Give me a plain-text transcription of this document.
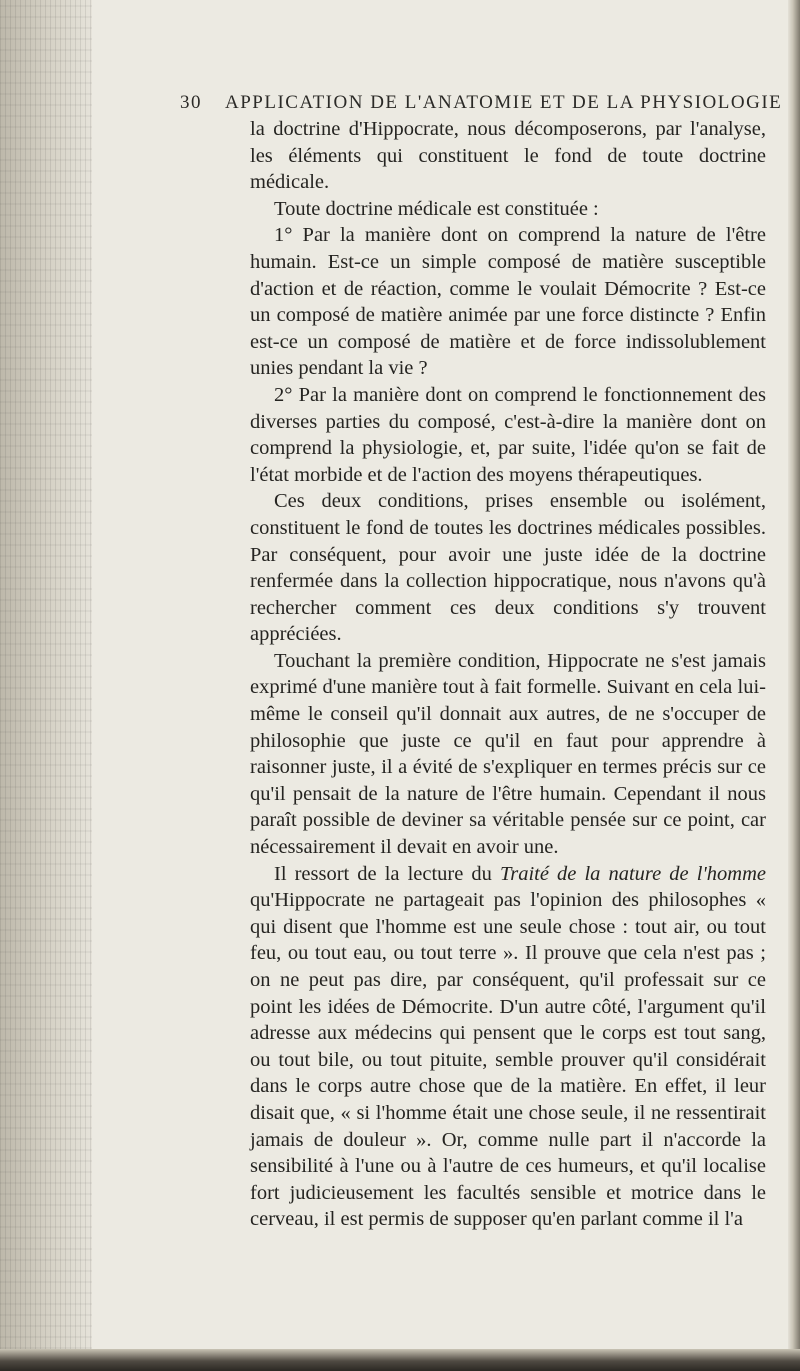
30 APPLICATION DE L'ANATOMIE ET DE LA PHYSIOLOGIE

la doctrine d'Hippocrate, nous décomposerons, par l'analyse, les éléments qui constituent le fond de toute doctrine médicale.

Toute doctrine médicale est constituée :

1° Par la manière dont on comprend la nature de l'être humain. Est-ce un simple composé de matière susceptible d'action et de réaction, comme le voulait Démocrite ? Est-ce un composé de matière animée par une force distincte ? Enfin est-ce un composé de matière et de force indissolublement unies pendant la vie ?

2° Par la manière dont on comprend le fonctionnement des diverses parties du composé, c'est-à-dire la manière dont on comprend la physiologie, et, par suite, l'idée qu'on se fait de l'état morbide et de l'action des moyens thérapeutiques.

Ces deux conditions, prises ensemble ou isolément, constituent le fond de toutes les doctrines médicales possibles. Par conséquent, pour avoir une juste idée de la doctrine renfermée dans la collection hippocratique, nous n'avons qu'à rechercher comment ces deux conditions s'y trouvent appréciées.

Touchant la première condition, Hippocrate ne s'est jamais exprimé d'une manière tout à fait formelle. Suivant en cela lui-même le conseil qu'il donnait aux autres, de ne s'occuper de philosophie que juste ce qu'il en faut pour apprendre à raisonner juste, il a évité de s'expliquer en termes précis sur ce qu'il pensait de la nature de l'être humain. Cependant il nous paraît possible de deviner sa véritable pensée sur ce point, car nécessairement il devait en avoir une.

Il ressort de la lecture du Traité de la nature de l'homme qu'Hippocrate ne partageait pas l'opinion des philosophes « qui disent que l'homme est une seule chose : tout air, ou tout feu, ou tout eau, ou tout terre ». Il prouve que cela n'est pas ; on ne peut pas dire, par conséquent, qu'il professait sur ce point les idées de Démocrite. D'un autre côté, l'argument qu'il adresse aux médecins qui pensent que le corps est tout sang, ou tout bile, ou tout pituite, semble prouver qu'il considérait dans le corps autre chose que de la matière. En effet, il leur disait que, « si l'homme était une chose seule, il ne ressentirait jamais de douleur ». Or, comme nulle part il n'accorde la sensibilité à l'une ou à l'autre de ces humeurs, et qu'il localise fort judicieusement les facultés sensible et motrice dans le cerveau, il est permis de supposer qu'en parlant comme il l'a
